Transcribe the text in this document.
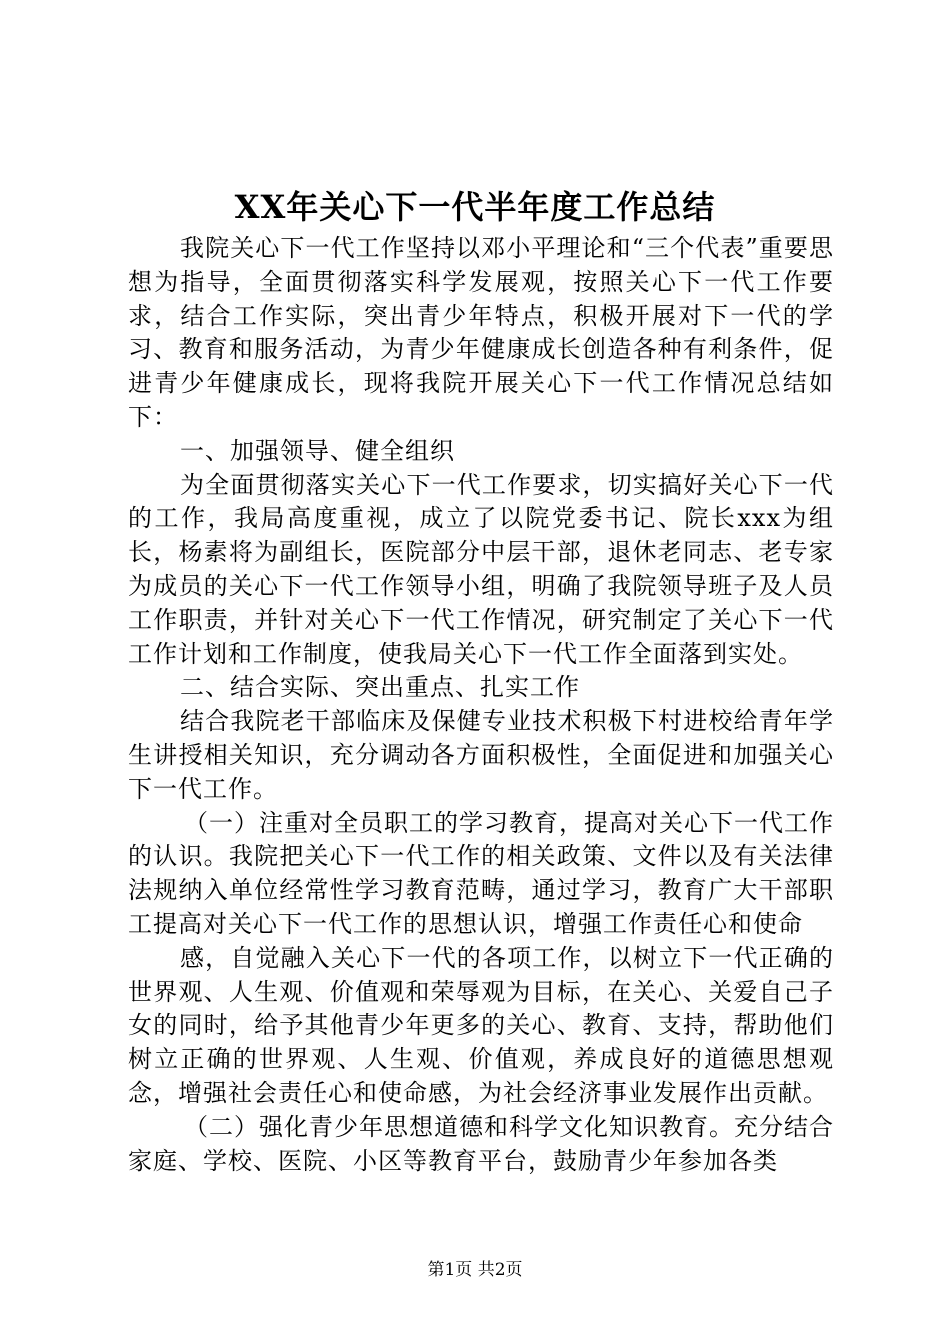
XX年关心下一代半年度工作总结

我院关心下一代工作坚持以邓小平理论和“三个代表”重要思想为指导，全面贯彻落实科学发展观，按照关心下一代工作要求，结合工作实际，突出青少年特点，积极开展对下一代的学习、教育和服务活动，为青少年健康成长创造各种有利条件，促进青少年健康成长，现将我院开展关心下一代工作情况总结如下：

一、加强领导、健全组织

为全面贯彻落实关心下一代工作要求，切实搞好关心下一代的工作，我局高度重视，成立了以院党委书记、院长xxx为组长，杨素将为副组长，医院部分中层干部，退休老同志、老专家为成员的关心下一代工作领导小组，明确了我院领导班子及人员工作职责，并针对关心下一代工作情况，研究制定了关心下一代工作计划和工作制度，使我局关心下一代工作全面落到实处。

二、结合实际、突出重点、扎实工作

结合我院老干部临床及保健专业技术积极下村进校给青年学生讲授相关知识，充分调动各方面积极性，全面促进和加强关心下一代工作。

（一）注重对全员职工的学习教育，提高对关心下一代工作的认识。我院把关心下一代工作的相关政策、文件以及有关法律法规纳入单位经常性学习教育范畴，通过学习，教育广大干部职工提高对关心下一代工作的思想认识，增强工作责任心和使命

感，自觉融入关心下一代的各项工作，以树立下一代正确的世界观、人生观、价值观和荣辱观为目标，在关心、关爱自己子女的同时，给予其他青少年更多的关心、教育、支持，帮助他们树立正确的世界观、人生观、价值观，养成良好的道德思想观念，增强社会责任心和使命感，为社会经济事业发展作出贡献。

（二）强化青少年思想道德和科学文化知识教育。充分结合家庭、学校、医院、小区等教育平台，鼓励青少年参加各类

第1页 共2页
